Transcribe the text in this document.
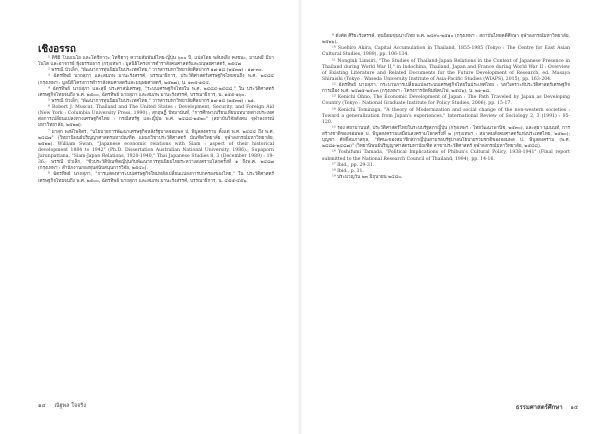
เชิงอรรถ

¹ ดิชิยิ โนมเนโอ และโตชิกาวะ โทชิฮาวุ ความสัมพันธ์ไทย-ญี่ปุ่น ๖๐๐ ปี, แปลโดย พลับพลึง คงชนะ, มานพยี มีบาโนโต และอาจารย์ ฟุ้งธรรมธาร (กรุงเทพฯ : มูลนิธิโครงการตำราสังคมศาสตร์และมนุษยศาสตร์, ๒๕๔๗

² พรรณี บัวเล็ก, "พัฒนาการทุนนิยมในประเทศไทย," วารสารมหาวิทยาลัยศิลปากร ๑๗-๑๘ (๒๕๓๗) : ๑๗-๓๐.

³ ฉัตรทิพย์ นาถสุภา และสมภพ มานะรังสรรค์, บรรณาธิการ, ประวัติศาสตร์เศรษฐกิจไทยจนถึง พ.ศ. ๒๔๘๔ (กรุงเทพฯ : มูลนิธิโครงการตำราสังคมศาสตร์และมนุษยศาสตร์, ๒๕๒๗), น. ๑๓๕-๑๔๔.

⁴ ฉัตรทิพย์ นาถสุภา และสุธี ประศาสน์เศรษฐ, "ระบบเศรษฐกิจไทยใน พ.ศ. ๒๔๘๔-๒๔๘๘," ใน ประวัติศาสตร์เศรษฐกิจไทยจนถึง พ.ศ. ๒๕๐๐, ฉัตรทิพย์ นาถสุภา และสมภพ มานะรังสรรค์, บรรณาธิการ, น. ๑๕๕-๑๖๐.

⁵ พรรณี บัวเล็ก, "พัฒนาการทุนนิยมในประเทศไทย," วารสารมหาวิทยาลัยศิลปากร ๑๗-๑๘ (๒๕๓๗) : ๒๑.

⁶ Robert J. Muscat, Thailand and The United States : Development, Security, and Foreign Aid (New York : Columbia University Press, 1990).; สุกฤษฏิ์ ปัทมานันท์, "การศึกษาเปรียบเทียบบทบาทต่างประเทศต่อการเปลี่ยนแปลงทางเศรษฐกิจไทย : กรณีสหรัฐ และญี่ปุ่น พ.ศ. ๒๔๘๘-๒๕๒๐" (สถาบันวิจัยสังคม จุฬาลงกรณ์มหาวิทยาลัย, ๒๕๒๗).

⁷ ผาสุก พงษ์ไพจิตร, "นโยบายการพัฒนาเศรษฐกิจหลังรัฐบาลจอมพล ป. พิบูลสงคราม ตั้งแต่ พ.ศ. ๒๔๘๔ ถึง พ.ศ. ๒๔๘๗" (วิทยานิพนธ์ปริญญาศาสตรมหาบัณฑิต แผนกวิชาประวัติศาสตร์ บัณฑิตวิทยาลัย จุฬาลงกรณ์มหาวิทยาลัย, ๒๕๒๒). William Swan, "Japanese economic relations with Siam : aspect of their historical development 1884 to 1942" (Ph.D. Dissertation Australian National University, 1986).; Supaporn Jarunpattana, "Siam-Japan Relations, 1920-1940," Thai Japanese Studies 8, 3 (December 1989) : 19-36.; พรรณี บัวเล็ก, "ชีวประวัติบัณฑิตญี่ปุ่นกับพัฒนาการทุนนิยมไทยระหว่างสงครามโลกครั้งที่ ๑ ถึงพ.ศ. ๒๔๘๗ (กรุงเทพฯ : สำนักงานกองทุนสนับสนุนการวิจัย, ๒๕๔๐).

⁸ ฉัตรทิพย์ นาถสุภา, "การแสดงหาระบบเศรษฐกิจใหม่หลังเปลี่ยนแปลงการปกครองของไทย," ใน ประวัติศาสตร์เศรษฐกิจไทยจนถึง พ.ศ. ๒๕๐๐, ฉัตรทิพย์ นาถสุภา และสมภพ มานะรังสรรค์, บรรณาธิการ, น. ๔๕๕-๔๕๖.

๑๔ ณัฐพล ใจจริง

⁹ ดังคัด ศิริยะรังสรรค์, ทุนนิยมขุนนางไทย พ.ศ. ๒๔๙๐-๒๕๑๐ (กรุงเทพฯ : สถาบันไทยคดีศึกษา จุฬาลงกรณ์มหาวิทยาลัย, ๒๕๒๖).

¹⁰ Suehiro Akira, Capital Accumulation in Thailand, 1855-1985 (Tokyo : The Centre for East Asian Cultural Studies, 1989), pp. 106-134.

¹¹ Nongluk Limsiri, "The Studies of Thailand-Japan Relations in the Context of Japanese Presence in Thailand during World War II," in Indochina, Thailand, Japan and France during World War II : Overview of Existing Literature and Related Documents for the Future Development of Research, ed. Masaya Shiraishi (Tokyo : Waseda University Institute of Asia-Pacific Studies (WIAPS), 2015), pp. 163-204.

¹² ฉัตรทิพย์ นาถสุภา, กระบวนการเปลี่ยนแปลงระบบเศรษฐกิจไทยในประเทศไทย : บทวิเคราะห์ประวัติศาสตร์เศรษฐกิจการเมือง พ.ศ. ๒๔๗๕-๒๕๐๓ (กรุงเทพฯ : โครงการจัดพิมพ์คบไฟ, ๒๕๔๖), น. ๒๑-๒๘.

¹³ Kenichi Ohno, The Economic Development of Japan : The Path Traveled by Japan as Developing Country (Tokyo : National Graduate Institute for Policy Studies, 2006), pp. 15-17.

¹⁴ Kenichi Tominaga, "A theory of Modernization and social change of the non-western societies : Toward a generalization from Japan's experiences," International Review of Sociology 2, 3 (1991) : 95-120.

¹⁵ รอง ศยามานนท์, ประวัติศาสตร์ไทยในระบบรัฐสภาญี่ปุ่น (กรุงเทพฯ : ไทยวัฒนาพานิช, ๒๕๓๐), และสุธา นุมนนท์, การสร้างชาติของจอมพล ป. พิบูลสงครามเสมือนสงครามโลกครั้งที่ ๒ (กรุงเทพฯ : สมาคมสังคมศาสตร์แห่งประเทศไทย, ๒๕๒๐); บุญชา ศักดิ์สมภาสกุล, "ทัศนะของสมาชิกสภาญี่ปุ่นสามรอบรัฐบาลนโยบายรวมชาติของจอมพล ป. พิบูลสงคราม (พ.ศ. ๒๔๘๑-๒๔๘๗)" (วิทยานิพนธ์ปริญญาศาสตรมหาบัณฑิต สาขาประวัติศาสตร์ จุฬาลงกรณ์มหาวิทยาลัย, ๒๕๔๘).

¹⁶ Yoshifumi Tamada, "Political Implications of Phibun's Cultural Policy, 1938-1941" (Final report submitted to the National Research Council of Thailand, 1994), pp. 14-16.

¹⁷ Ibid., pp. 29-31.

¹⁸ Ibid., p. 31.

¹⁹ ประมวญวัน ๒๓ มิถุนายน ๒๔๘๐.

ธรรมศาสตร์ศึกษา ๑๕
